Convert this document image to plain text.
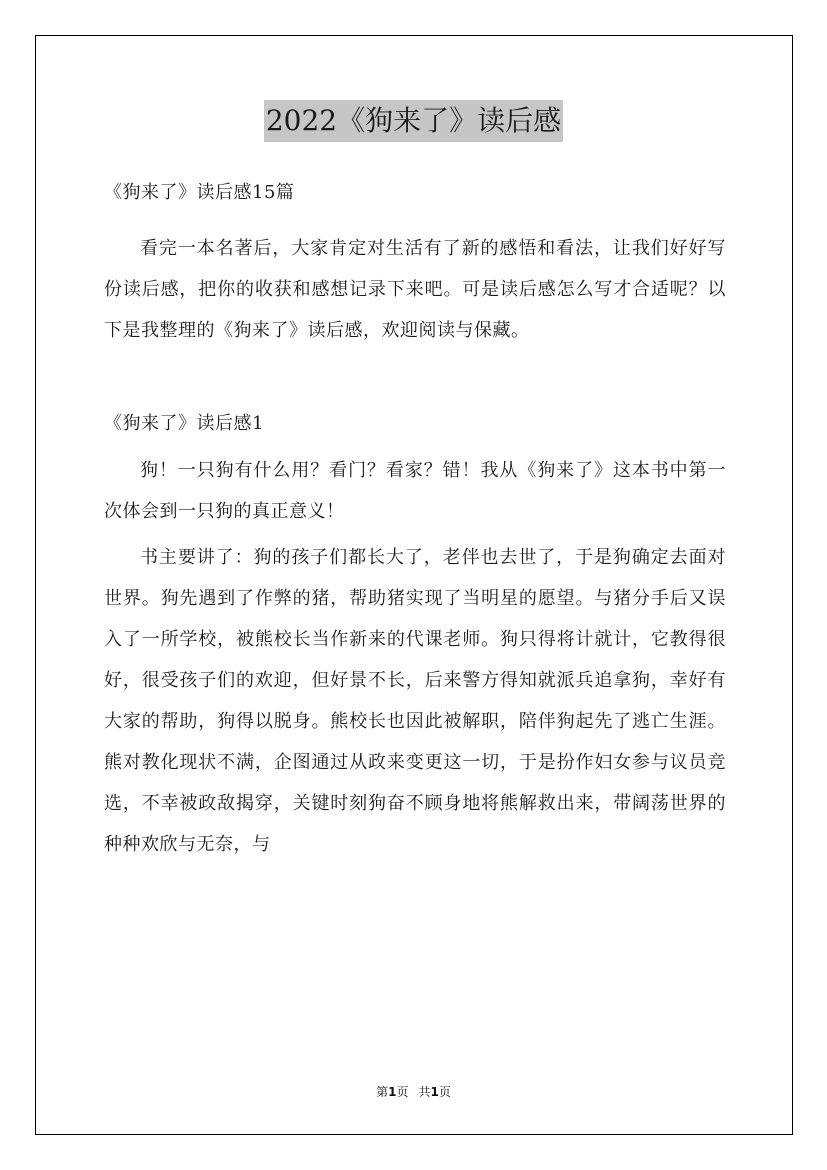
2022《狗来了》读后感

《狗来了》读后感15篇

看完一本名著后，大家肯定对生活有了新的感悟和看法，让我们好好写份读后感，把你的收获和感想记录下来吧。可是读后感怎么写才合适呢？以下是我整理的《狗来了》读后感，欢迎阅读与保藏。

《狗来了》读后感1

狗！一只狗有什么用？看门？看家？错！我从《狗来了》这本书中第一次体会到一只狗的真正意义！

书主要讲了：狗的孩子们都长大了，老伴也去世了，于是狗确定去面对世界。狗先遇到了作弊的猪，帮助猪实现了当明星的愿望。与猪分手后又误入了一所学校，被熊校长当作新来的代课老师。狗只得将计就计，它教得很好，很受孩子们的欢迎，但好景不长，后来警方得知就派兵追拿狗，幸好有大家的帮助，狗得以脱身。熊校长也因此被解职，陪伴狗起先了逃亡生涯。熊对教化现状不满，企图通过从政来变更这一切，于是扮作妇女参与议员竞选，不幸被政敌揭穿，关键时刻狗奋不顾身地将熊解救出来，带阔荡世界的种种欢欣与无奈，与

第1页 共1页
